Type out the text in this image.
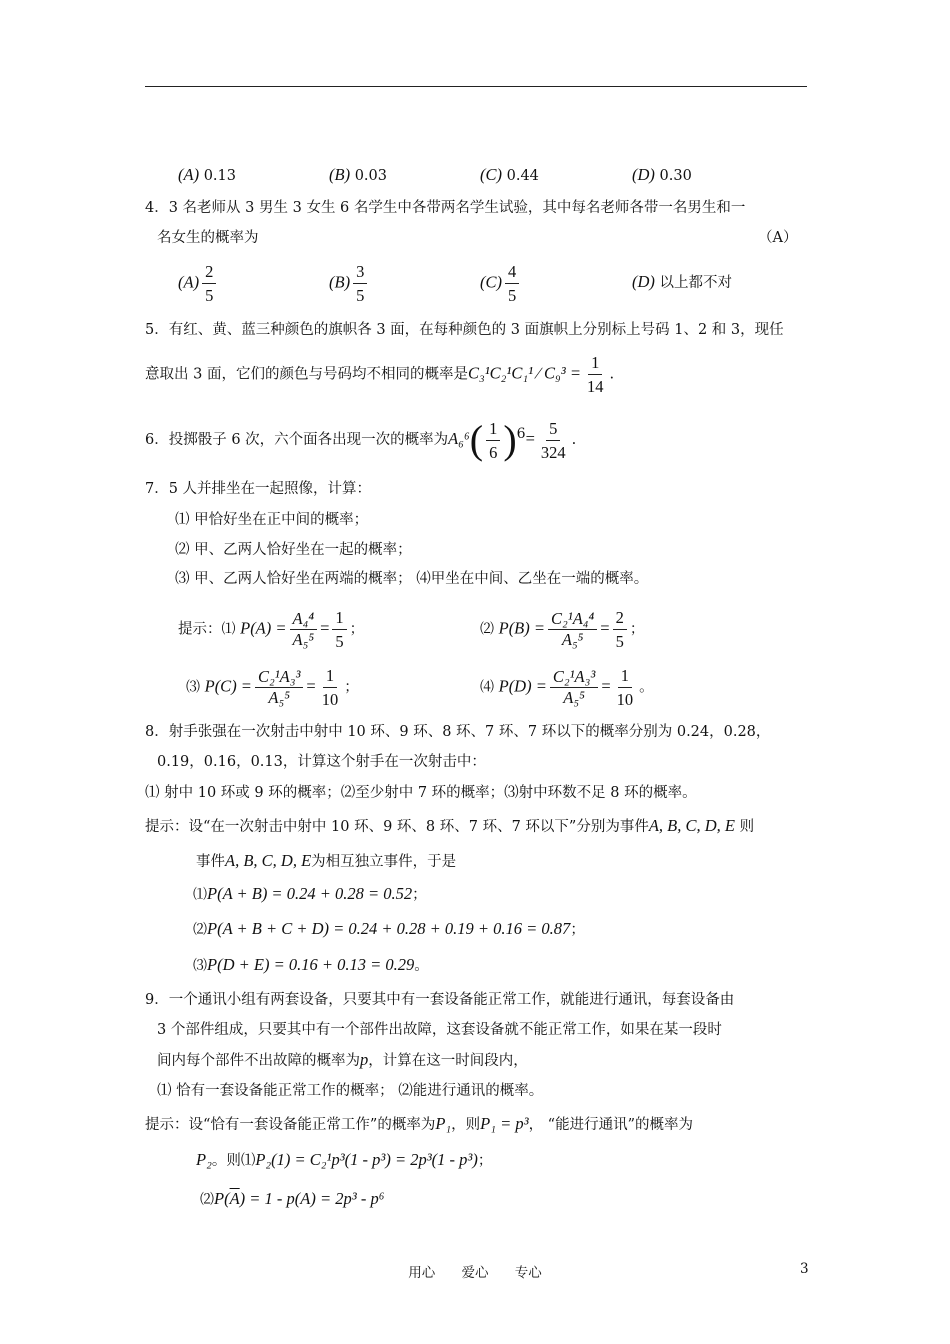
(A) 0.13	(B) 0.03	(C) 0.44	(D) 0.30
4．3 名老师从 3 男生 3 女生 6 名学生中各带两名学生试验，其中每名老师各带一名男生和一
名女生的概率为	（A）
$(A) \frac{2}{5}$	$(B) \frac{3}{5}$	$(C) \frac{4}{5}$	(D) 以上都不对
5．有红、黄、蓝三种颜色的旗帜各 3 面，在每种颜色的 3 面旗帜上分别标上号码 1、2 和 3，现任
意取出 3 面，它们的颜色与号码均不相同的概率是C₃¹C₂¹C₁¹ ∕ $C_9^3 = \frac{1}{14}$ .
6．投掷骰子 6 次，六个面各出现一次的概率为$A_6^6( \frac{1}{6} )^6= \frac{5}{324}$ .
7．5 人并排坐在一起照像，计算：
⑴ 甲恰好坐在正中间的概率；
⑵ 甲、乙两人恰好坐在一起的概率；
⑶ 甲、乙两人恰好坐在两端的概率； ⑷甲坐在中间、乙坐在一端的概率。
提示：⑴ $P(A) = \frac{\text{A₄⁴}}{\text{A₅⁵}} = \frac{1}{5}$ ；	⑵ $P(B) = \frac{\text{C₂¹A₄⁴}}{\text{A₅⁵}} = \frac{2}{5}$ ；
⑶ $P(C) = \frac{\text{C₂¹A₃³}}{\text{A₅⁵}} = \frac{1}{10}$ ；	⑷ $P(D) = \frac{\text{C₂¹A₃³}}{\text{A₅⁵}} = \frac{1}{10}$ 。
8．射手张强在一次射击中射中 10 环、9 环、8 环、7 环、7 环以下的概率分别为 0.24，0.28，
0.19，0.16，0.13，计算这个射手在一次射击中：
⑴ 射中 10 环或 9 环的概率；⑵至少射中 7 环的概率；⑶射中环数不足 8 环的概率。
提示：设“在一次射击中射中 10 环、9 环、8 环、7 环、7 环以下”分别为事件A, B, C, D, E 则
事件A, B, C, D, E为相互独立事件，于是
⑴P(A + B) = 0.24 + 0.28 = 0.52；
⑵P(A + B + C + D) = 0.24 + 0.28 + 0.19 + 0.16 = 0.87；
⑶P(D + E) = 0.16 + 0.13 = 0.29。
9．一个通讯小组有两套设备，只要其中有一套设备能正常工作，就能进行通讯，每套设备由
3 个部件组成，只要其中有一个部件出故障，这套设备就不能正常工作，如果在某一段时
间内每个部件不出故障的概率为p，计算在这一时间段内，
⑴ 恰有一套设备能正常工作的概率； ⑵能进行通讯的概率。
提示：设“恰有一套设备能正常工作”的概率为P₁，则P₁ = p³， “能进行通讯”的概率为
P₂。则⑴P₂(1) = C₂¹p³(1 - p³) = 2p³(1 - p³)；
$⑵P(\overline{A}) = 1 - p(A) = 2p^3 - p^6$
用心 爱心 专心	3
